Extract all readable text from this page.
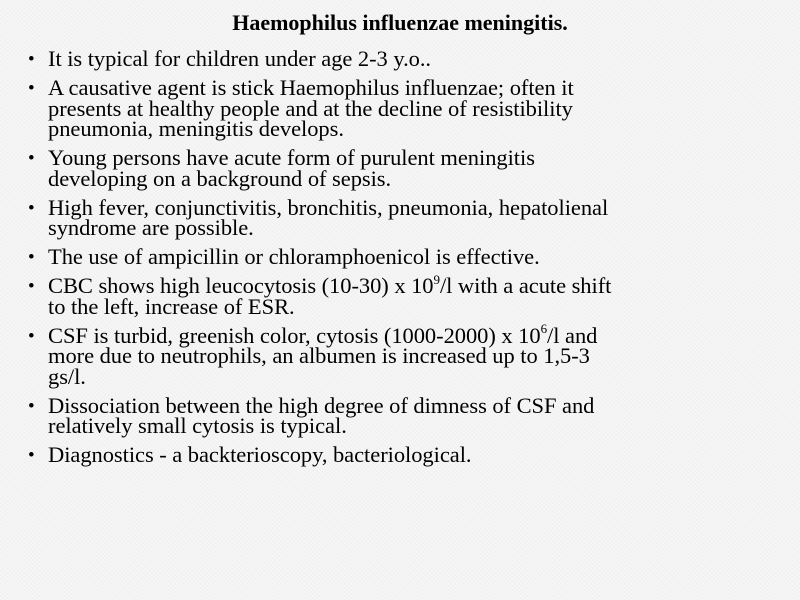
Haemophilus influenzae meningitis.
• It is typical for children under age 2-3 y.o..
• A causative agent is stick Haemophilus influenzae; often it
presents at healthy people and at the decline of resistibility
pneumonia, meningitis develops.
• Young persons have acute form of purulent meningitis
developing on a background of sepsis.
• High fever, conjunctivitis, bronchitis, pneumonia, hepatolienal
syndrome are possible.
• The use of ampicillin or chloramphoenicol is effective.
• CBC shows high leucocytosis (10-30) x $10^9/l$ with a acute shift
to the left, increase of ESR.
• CSF is turbid, greenish color, cytosis (1000-2000) x $10^6/l$ and
more due to neutrophils, an albumen is increased up to 1,5-3
gs/l.
• Dissociation between the high degree of dimness of CSF and
relatively small cytosis is typical.
• Diagnostics - a backterioscopy, bacteriological.
